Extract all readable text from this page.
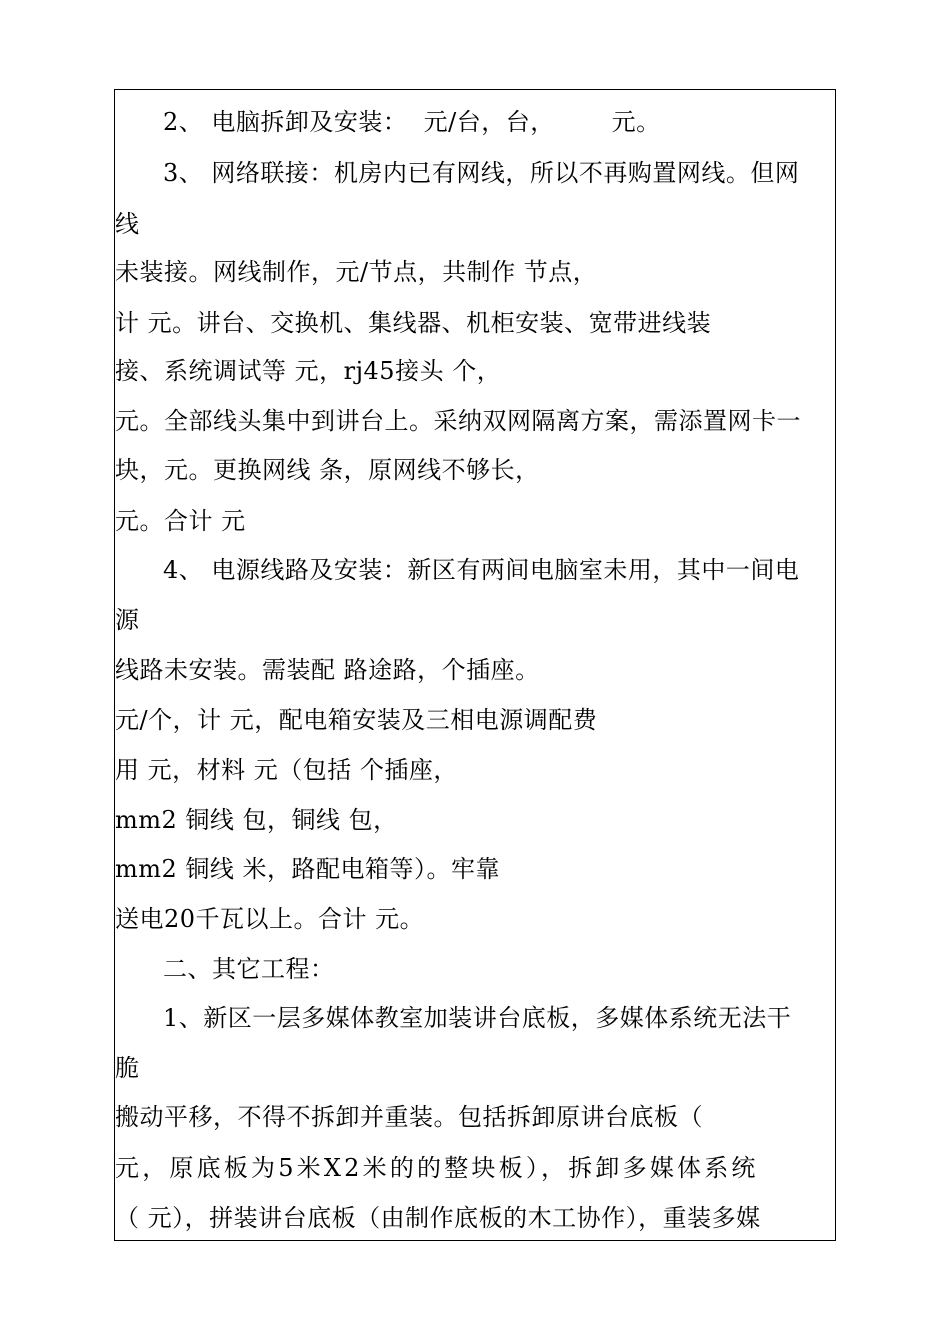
2、 电脑拆卸及安装：  元/台，台，       元。
3、 网络联接：机房内已有网线，所以不再购置网线。但网
线
未装接。网线制作，元/节点，共制作 节点，
计 元。讲台、交换机、集线器、机柜安装、宽带进线装
接、系统调试等 元，rj45接头 个，
元。全部线头集中到讲台上。采纳双网隔离方案，需添置网卡一
块，元。更换网线 条，原网线不够长，
元。合计 元
4、 电源线路及安装：新区有两间电脑室未用，其中一间电
源
线路未安装。需装配 路途路，个插座。
元/个，计 元，配电箱安装及三相电源调配费
用 元，材料 元（包括 个插座，
mm2 铜线 包，铜线 包，
mm2 铜线 米，路配电箱等）。牢靠
送电20千瓦以上。合计 元。
二、其它工程：
1、新区一层多媒体教室加装讲台底板，多媒体系统无法干
脆
搬动平移，不得不拆卸并重装。包括拆卸原讲台底板（
元，原底板为5米X2米的的整块板），拆卸多媒体系统
（ 元），拼装讲台底板（由制作底板的木工协作），重装多媒
